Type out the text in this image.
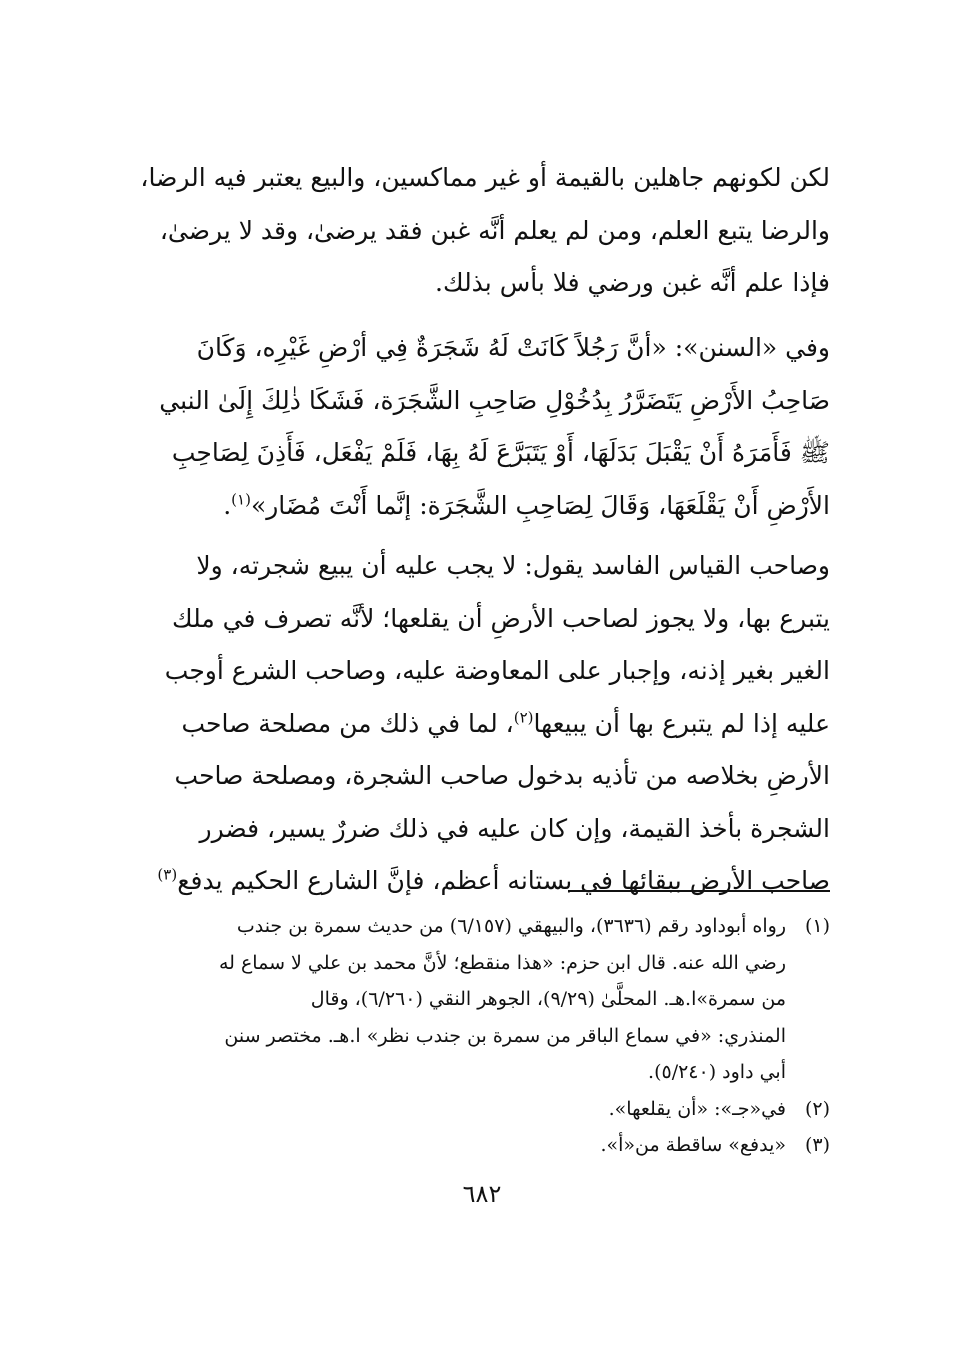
لكن لكونهم جاهلين بالقيمة أو غير مماكسين، والبيع يعتبر فيه الرضا،
والرضا يتبع العلم، ومن لم يعلم أنَّه غبن فقد يرضىٰ، وقد لا يرضىٰ،
فإذا علم أنَّه غبن ورضي فلا بأس بذلك.

وفي «السنن»: «أنَّ رَجُلاً كَانَتْ لَهُ شَجَرَةٌ فِي أرْضِ غَيْرِه، وَكَانَ
صَاحِبُ الأَرْضِ يَتَضَرَّرُ بِدُخُوْلِ صَاحِبِ الشَّجَرَة، فَشَكَا ذٰلِكَ إِلَىٰ النبي
ﷺ فَأَمَرَهُ أَنْ يَقْبَلَ بَدَلَهَا، أَوْ يَتَبَرَّعَ لَهُ بِهَا، فَلَمْ يَفْعَل، فَأَذِنَ لِصَاحِبِ
الأَرْضِ أَنْ يَقْلَعَهَا، وَقَالَ لِصَاحِبِ الشَّجَرَة: إنَّما أَنْتَ مُضَار»$^{(١)}$.

وصاحب القياس الفاسد يقول: لا يجب عليه أن يبيع شجرته، ولا
يتبرع بها، ولا يجوز لصاحب الأرضِ أن يقلعها؛ لأنَّه تصرف في ملك
الغير بغير إذنه، وإجبار على المعاوضة عليه، وصاحب الشرع أوجب
عليه إذا لم يتبرع بها أن يبيعها$^{(٢)}$، لما في ذلك من مصلحة صاحب
الأرضِ بخلاصه من تأذيه بدخول صاحب الشجرة، ومصلحة صاحب
الشجرة بأخذ القيمة، وإن كان عليه في ذلك ضررٌ يسير، فضرر
صاحب الأرض ببقائها في بستانه أعظم، فإنَّ الشارع الحكيم يدفع$^{(٣)}$

(١)
رواه أبوداود رقم (٣٦٣٦)، والبيهقي (٦/١٥٧) من حديث سمرة بن جندب
رضي الله عنه. قال ابن حزم: «هذا منقطع؛ لأنَّ محمد بن علي لا سماع له
من سمرة»ا.هـ. المحلَّىٰ (٩/٢٩)، الجوهر النقي (٦/٢٦٠)، وقال
المنذري: «في سماع الباقر من سمرة بن جندب نظر» ا.هـ. مختصر سنن
أبي داود (٥/٢٤٠).
(٢)
في«جـ»: «أن يقلعها».
(٣)
«يدفع» ساقطة من«أ».
٦٨٢
